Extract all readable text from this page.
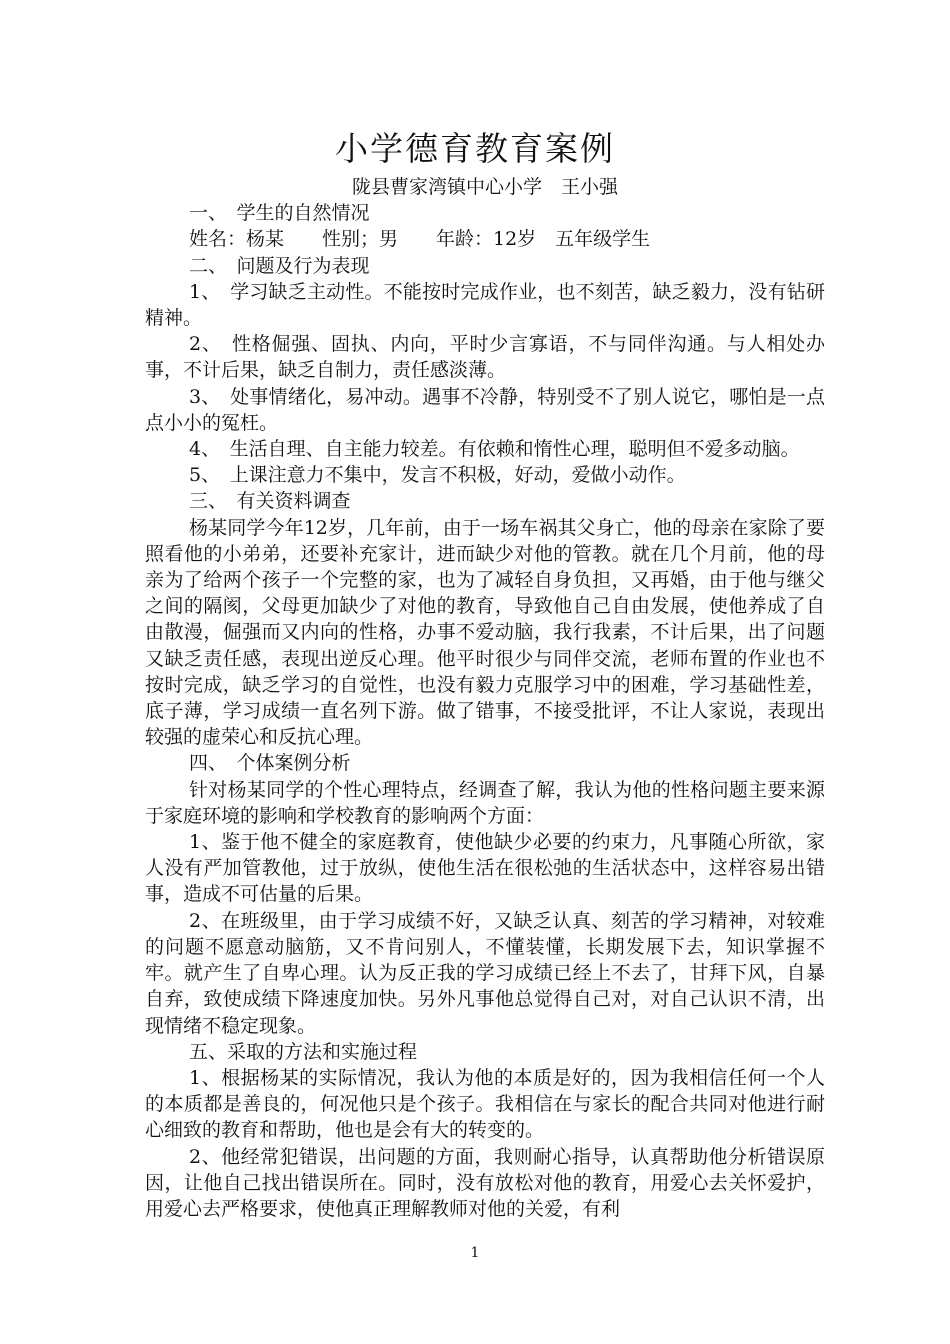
小学德育教育案例

陇县曹家湾镇中心小学　王小强

一、　学生的自然情况

姓名：杨某　　性别；男　　年龄：12岁　五年级学生

二、　问题及行为表现

1、　学习缺乏主动性。不能按时完成作业，也不刻苦，缺乏毅力，没有钻研精神。

2、　性格倔强、固执、内向，平时少言寡语，不与同伴沟通。与人相处办事，不计后果，缺乏自制力，责任感淡薄。

3、　处事情绪化，易冲动。遇事不冷静，特别受不了别人说它，哪怕是一点点小小的冤枉。

4、　生活自理、自主能力较差。有依赖和惰性心理，聪明但不爱多动脑。

5、　上课注意力不集中，发言不积极，好动，爱做小动作。

三、　有关资料调查

杨某同学今年12岁，几年前，由于一场车祸其父身亡，他的母亲在家除了要照看他的小弟弟，还要补充家计，进而缺少对他的管教。就在几个月前，他的母亲为了给两个孩子一个完整的家，也为了减轻自身负担，又再婚，由于他与继父之间的隔阂，父母更加缺少了对他的教育，导致他自己自由发展，使他养成了自由散漫，倔强而又内向的性格，办事不爱动脑，我行我素，不计后果，出了问题又缺乏责任感，表现出逆反心理。他平时很少与同伴交流，老师布置的作业也不按时完成，缺乏学习的自觉性，也没有毅力克服学习中的困难，学习基础性差，底子薄，学习成绩一直名列下游。做了错事，不接受批评，不让人家说，表现出较强的虚荣心和反抗心理。

四、　个体案例分析

针对杨某同学的个性心理特点，经调查了解，我认为他的性格问题主要来源于家庭环境的影响和学校教育的影响两个方面：

1、鉴于他不健全的家庭教育，使他缺少必要的约束力，凡事随心所欲，家人没有严加管教他，过于放纵，使他生活在很松弛的生活状态中，这样容易出错事，造成不可估量的后果。

2、在班级里，由于学习成绩不好，又缺乏认真、刻苦的学习精神，对较难的问题不愿意动脑筋，又不肯问别人，不懂装懂，长期发展下去，知识掌握不牢。就产生了自卑心理。认为反正我的学习成绩已经上不去了，甘拜下风，自暴自弃，致使成绩下降速度加快。另外凡事他总觉得自己对，对自己认识不清，出现情绪不稳定现象。

五、采取的方法和实施过程

1、根据杨某的实际情况，我认为他的本质是好的，因为我相信任何一个人的本质都是善良的，何况他只是个孩子。我相信在与家长的配合共同对他进行耐心细致的教育和帮助，他也是会有大的转变的。

2、他经常犯错误，出问题的方面，我则耐心指导，认真帮助他分析错误原因，让他自己找出错误所在。同时，没有放松对他的教育，用爱心去关怀爱护，用爱心去严格要求，使他真正理解教师对他的关爱，有利

1
